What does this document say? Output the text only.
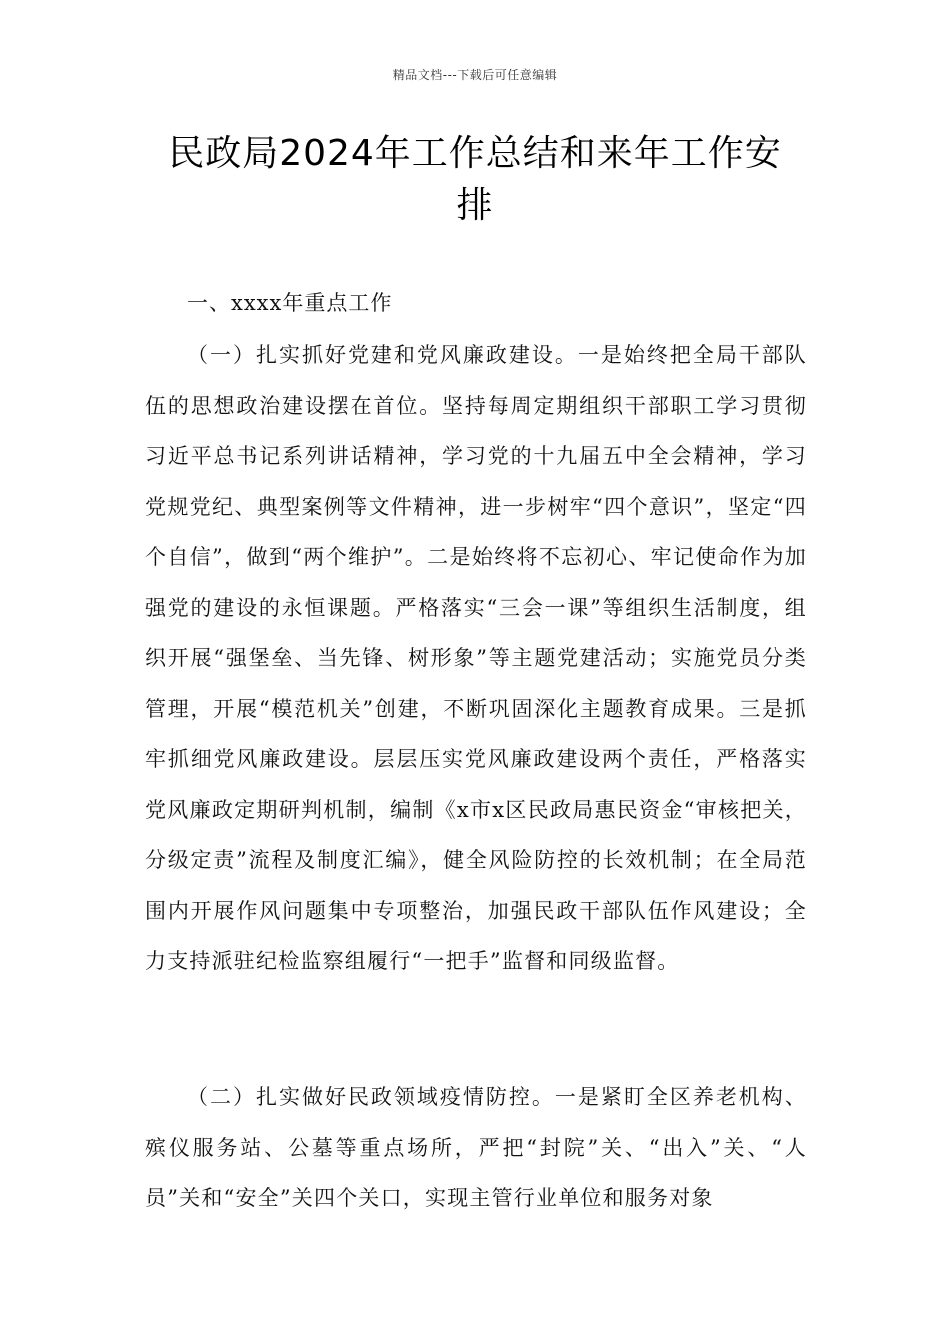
精品文档---下载后可任意编辑
民政局2024年工作总结和来年工作安排

一、xxxx年重点工作

（一）扎实抓好党建和党风廉政建设。一是始终把全局干部队伍的思想政治建设摆在首位。坚持每周定期组织干部职工学习贯彻习近平总书记系列讲话精神，学习党的十九届五中全会精神，学习党规党纪、典型案例等文件精神，进一步树牢“四个意识”，坚定“四个自信”，做到“两个维护”。二是始终将不忘初心、牢记使命作为加强党的建设的永恒课题。严格落实“三会一课”等组织生活制度，组织开展“强堡垒、当先锋、树形象”等主题党建活动；实施党员分类管理，开展“模范机关”创建，不断巩固深化主题教育成果。三是抓牢抓细党风廉政建设。层层压实党风廉政建设两个责任，严格落实党风廉政定期研判机制，编制《x市x区民政局惠民资金“审核把关，分级定责”流程及制度汇编》，健全风险防控的长效机制；在全局范围内开展作风问题集中专项整治，加强民政干部队伍作风建设；全力支持派驻纪检监察组履行“一把手”监督和同级监督。

（二）扎实做好民政领域疫情防控。一是紧盯全区养老机构、殡仪服务站、公墓等重点场所，严把“封院”关、“出入”关、“人员”关和“安全”关四个关口，实现主管行业单位和服务对象
